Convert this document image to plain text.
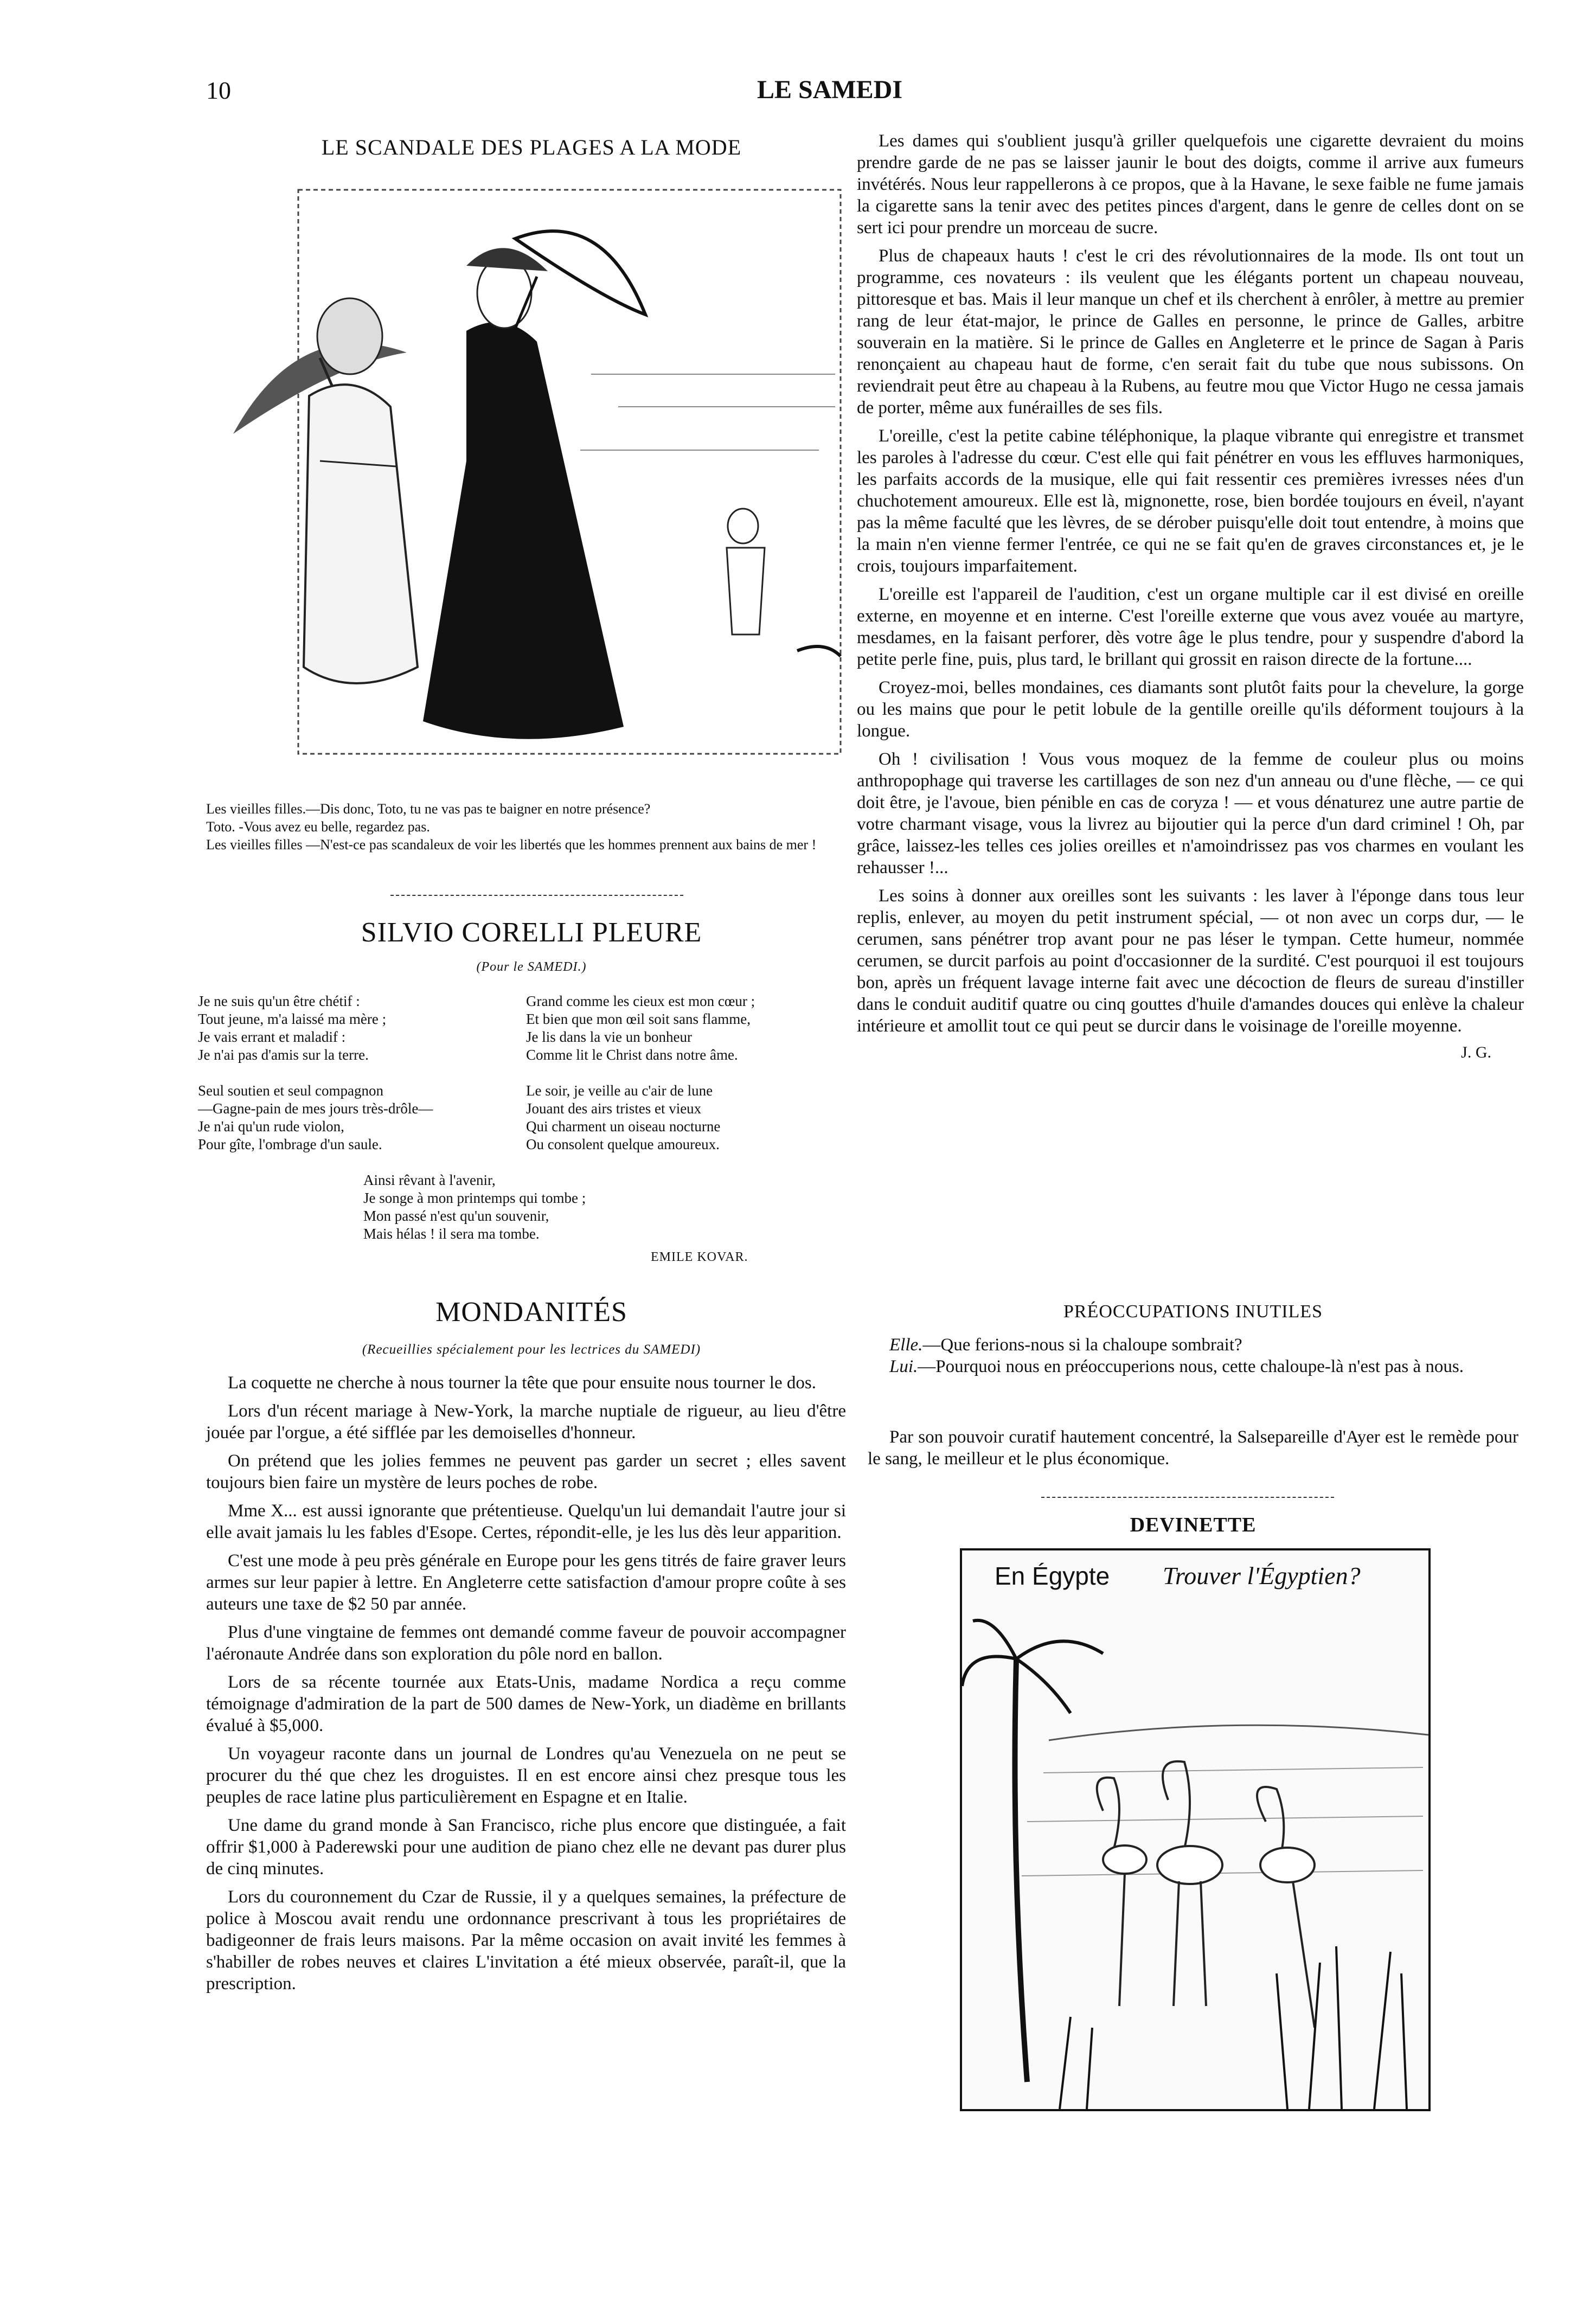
10	LE SAMEDI
LE SCANDALE DES PLAGES A LA MODE
Les vieilles filles.—Dis donc, Toto, tu ne vas pas te baigner en notre présence?
Toto. -Vous avez eu belle, regardez pas.
Les vieilles filles —N'est-ce pas scandaleux de voir les libertés que les hommes prennent aux bains de mer !
SILVIO CORELLI PLEURE
(Pour le SAMEDI.)
Je ne suis qu'un être chétif :
Tout jeune, m'a laissé ma mère ;
Je vais errant et maladif :
Je n'ai pas d'amis sur la terre.
Grand comme les cieux est mon cœur ;
Et bien que mon œil soit sans flamme,
Je lis dans la vie un bonheur
Comme lit le Christ dans notre âme.
Seul soutien et seul compagnon
—Gagne-pain de mes jours très-drôle—
Je n'ai qu'un rude violon,
Pour gîte, l'ombrage d'un saule.
Le soir, je veille au c'air de lune
Jouant des airs tristes et vieux
Qui charment un oiseau nocturne
Ou consolent quelque amoureux.
Ainsi rêvant à l'avenir,
Je songe à mon printemps qui tombe ;
Mon passé n'est qu'un souvenir,
Mais hélas ! il sera ma tombe.
EMILE KOVAR.
MONDANITÉS
(Recueillies spécialement pour les lectrices du SAMEDI)

La coquette ne cherche à nous tourner la tête que pour ensuite nous tourner le dos.

Lors d'un récent mariage à New-York, la marche nuptiale de rigueur, au lieu d'être jouée par l'orgue, a été sifflée par les demoiselles d'honneur.

On prétend que les jolies femmes ne peuvent pas garder un secret ; elles savent toujours bien faire un mystère de leurs poches de robe.

Mme X... est aussi ignorante que prétentieuse. Quelqu'un lui demandait l'autre jour si elle avait jamais lu les fables d'Esope. Certes, répondit-elle, je les lus dès leur apparition.

C'est une mode à peu près générale en Europe pour les gens titrés de faire graver leurs armes sur leur papier à lettre. En Angleterre cette satisfaction d'amour propre coûte à ses auteurs une taxe de $2 50 par année.

Plus d'une vingtaine de femmes ont demandé comme faveur de pouvoir accompagner l'aéronaute Andrée dans son exploration du pôle nord en ballon.

Lors de sa récente tournée aux Etats-Unis, madame Nordica a reçu comme témoignage d'admiration de la part de 500 dames de New-York, un diadème en brillants évalué à $5,000.

Un voyageur raconte dans un journal de Londres qu'au Venezuela on ne peut se procurer du thé que chez les droguistes. Il en est encore ainsi chez presque tous les peuples de race latine plus particulièrement en Espagne et en Italie.

Une dame du grand monde à San Francisco, riche plus encore que distinguée, a fait offrir $1,000 à Paderewski pour une audition de piano chez elle ne devant pas durer plus de cinq minutes.

Lors du couronnement du Czar de Russie, il y a quelques semaines, la préfecture de police à Moscou avait rendu une ordonnance prescrivant à tous les propriétaires de badigeonner de frais leurs maisons. Par la même occasion on avait invité les femmes à s'habiller de robes neuves et claires L'invitation a été mieux observée, paraît-il, que la prescription.

Les dames qui s'oublient jusqu'à griller quelquefois une cigarette devraient du moins prendre garde de ne pas se laisser jaunir le bout des doigts, comme il arrive aux fumeurs invétérés. Nous leur rappellerons à ce propos, que à la Havane, le sexe faible ne fume jamais la cigarette sans la tenir avec des petites pinces d'argent, dans le genre de celles dont on se sert ici pour prendre un morceau de sucre.

Plus de chapeaux hauts ! c'est le cri des révolutionnaires de la mode. Ils ont tout un programme, ces novateurs : ils veulent que les élégants portent un chapeau nouveau, pittoresque et bas. Mais il leur manque un chef et ils cherchent à enrôler, à mettre au premier rang de leur état-major, le prince de Galles en personne, le prince de Galles, arbitre souverain en la matière. Si le prince de Galles en Angleterre et le prince de Sagan à Paris renonçaient au chapeau haut de forme, c'en serait fait du tube que nous subissons. On reviendrait peut être au chapeau à la Rubens, au feutre mou que Victor Hugo ne cessa jamais de porter, même aux funérailles de ses fils.

L'oreille, c'est la petite cabine téléphonique, la plaque vibrante qui enregistre et transmet les paroles à l'adresse du cœur. C'est elle qui fait pénétrer en vous les effluves harmoniques, les parfaits accords de la musique, elle qui fait ressentir ces premières ivresses nées d'un chuchotement amoureux. Elle est là, mignonette, rose, bien bordée toujours en éveil, n'ayant pas la même faculté que les lèvres, de se dérober puisqu'elle doit tout entendre, à moins que la main n'en vienne fermer l'entrée, ce qui ne se fait qu'en de graves circonstances et, je le crois, toujours imparfaitement.

L'oreille est l'appareil de l'audition, c'est un organe multiple car il est divisé en oreille externe, en moyenne et en interne. C'est l'oreille externe que vous avez vouée au martyre, mesdames, en la faisant perforer, dès votre âge le plus tendre, pour y suspendre d'abord la petite perle fine, puis, plus tard, le brillant qui grossit en raison directe de la fortune....

Croyez-moi, belles mondaines, ces diamants sont plutôt faits pour la chevelure, la gorge ou les mains que pour le petit lobule de la gentille oreille qu'ils déforment toujours à la longue.

Oh ! civilisation ! Vous vous moquez de la femme de couleur plus ou moins anthropophage qui traverse les cartillages de son nez d'un anneau ou d'une flèche, — ce qui doit être, je l'avoue, bien pénible en cas de coryza ! — et vous dénaturez une autre partie de votre charmant visage, vous la livrez au bijoutier qui la perce d'un dard criminel ! Oh, par grâce, laissez-les telles ces jolies oreilles et n'amoindrissez pas vos charmes en voulant les rehausser !...

Les soins à donner aux oreilles sont les suivants : les laver à l'éponge dans tous leur replis, enlever, au moyen du petit instrument spécial, — ot non avec un corps dur, — le cerumen, sans pénétrer trop avant pour ne pas léser le tympan. Cette humeur, nommée cerumen, se durcit parfois au point d'occasionner de la surdité. C'est pourquoi il est toujours bon, après un fréquent lavage interne fait avec une décoction de fleurs de sureau d'instiller dans le conduit auditif quatre ou cinq gouttes d'huile d'amandes douces qui enlève la chaleur intérieure et amollit tout ce qui peut se durcir dans le voisinage de l'oreille moyenne.

J. G.
PRÉOCCUPATIONS INUTILES
Elle.—Que ferions-nous si la chaloupe sombrait?
Lui.—Pourquoi nous en préoccuperions nous, cette chaloupe-là n'est pas à nous.
Par son pouvoir curatif hautement concentré, la Salsepareille d'Ayer est le remède pour le sang, le meilleur et le plus économique.
DEVINETTE
En Égypte Trouver l'Égyptien?
